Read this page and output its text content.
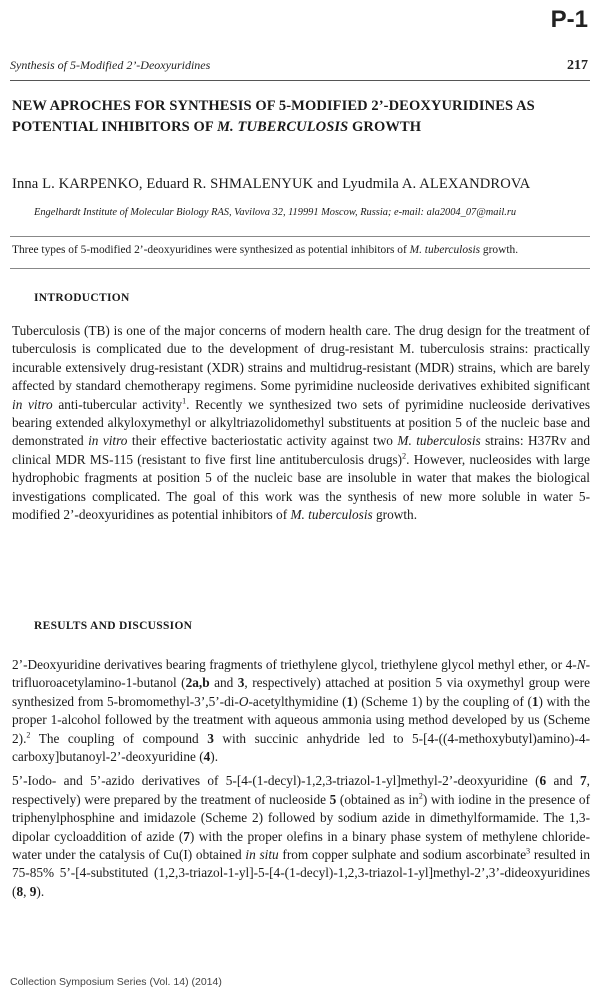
P-1
Synthesis of 5-Modified 2’-Deoxyuridines	217
NEW APROCHES FOR SYNTHESIS OF 5-MODIFIED 2’-DEOXYURIDINES AS POTENTIAL INHIBITORS OF M. TUBERCULOSIS GROWTH
Inna L. KARPENKO, Eduard R. SHMALENYUK and Lyudmila A. ALEXANDROVA
Engelhardt Institute of Molecular Biology RAS, Vavilova 32, 119991 Moscow, Russia; e-mail: ala2004_07@mail.ru
Three types of 5-modified 2’-deoxyuridines were synthesized as potential inhibitors of M. tuberculosis growth.
INTRODUCTION

Tuberculosis (TB) is one of the major concerns of modern health care. The drug design for the treatment of tuberculosis is complicated due to the development of drug-resistant M. tuberculosis strains: practically incurable extensively drug-resistant (XDR) strains and multidrug-resistant (MDR) strains, which are barely affected by standard chemotherapy regimens. Some pyrimidine nucleoside derivatives exhibited significant in vitro anti-tubercular activity$^1$. Recently we synthesized two sets of pyrimidine nucleoside derivatives bearing extended alkyloxymethyl or alkyltriazolidomethyl substituents at position 5 of the nucleic base and demonstrated in vitro their effective bacteriostatic activity against two M. tuberculosis strains: H37Rv and clinical MDR MS-115 (resistant to five first line antituberculosis drugs)$^2$. However, nucleosides with large hydrophobic fragments at position 5 of the nucleic base are insoluble in water that makes the biological investigations complicated. The goal of this work was the synthesis of new more soluble in water 5-modified 2’-deoxyuridines as potential inhibitors of M. tuberculosis growth.

RESULTS AND DISCUSSION

2’-Deoxyuridine derivatives bearing fragments of triethylene glycol, triethylene glycol methyl ether, or 4-N-trifluoroacetylamino-1-butanol (2a,b and 3, respectively) attached at position 5 via oxymethyl group were synthesized from 5-bromomethyl-3’,5’-di-O-acetylthymidine (1) (Scheme 1) by the coupling of (1) with the proper 1-alcohol followed by the treatment with aqueous ammonia using method developed by us (Scheme 2).$^2$ The coupling of compound 3 with succinic anhydride led to 5-[4-((4-methoxybutyl)amino)-4-carboxy]butanoyl-2’-deoxyuridine (4).

5’-Iodo- and 5’-azido derivatives of 5-[4-(1-decyl)-1,2,3-triazol-1-yl]methyl-2’-deoxyuridine (6 and 7, respectively) were prepared by the treatment of nucleoside 5 (obtained as $in^2$) with iodine in the presence of triphenylphosphine and imidazole (Scheme 2) followed by sodium azide in dimethylformamide. The 1,3-dipolar cycloaddition of azide (7) with the proper olefins in a binary phase system of methylene chloride-water under the catalysis of Cu(I) obtained in situ from copper sulphate and sodium ascorbinate$^3$ resulted in 75-85% 5’-[4-substituted (1,2,3-triazol-1-yl]-5-[4-(1-decyl)-1,2,3-triazol-1-yl]methyl-2’,3’-dideoxyuridines (8, 9).

Collection Symposium Series (Vol. 14) (2014)
